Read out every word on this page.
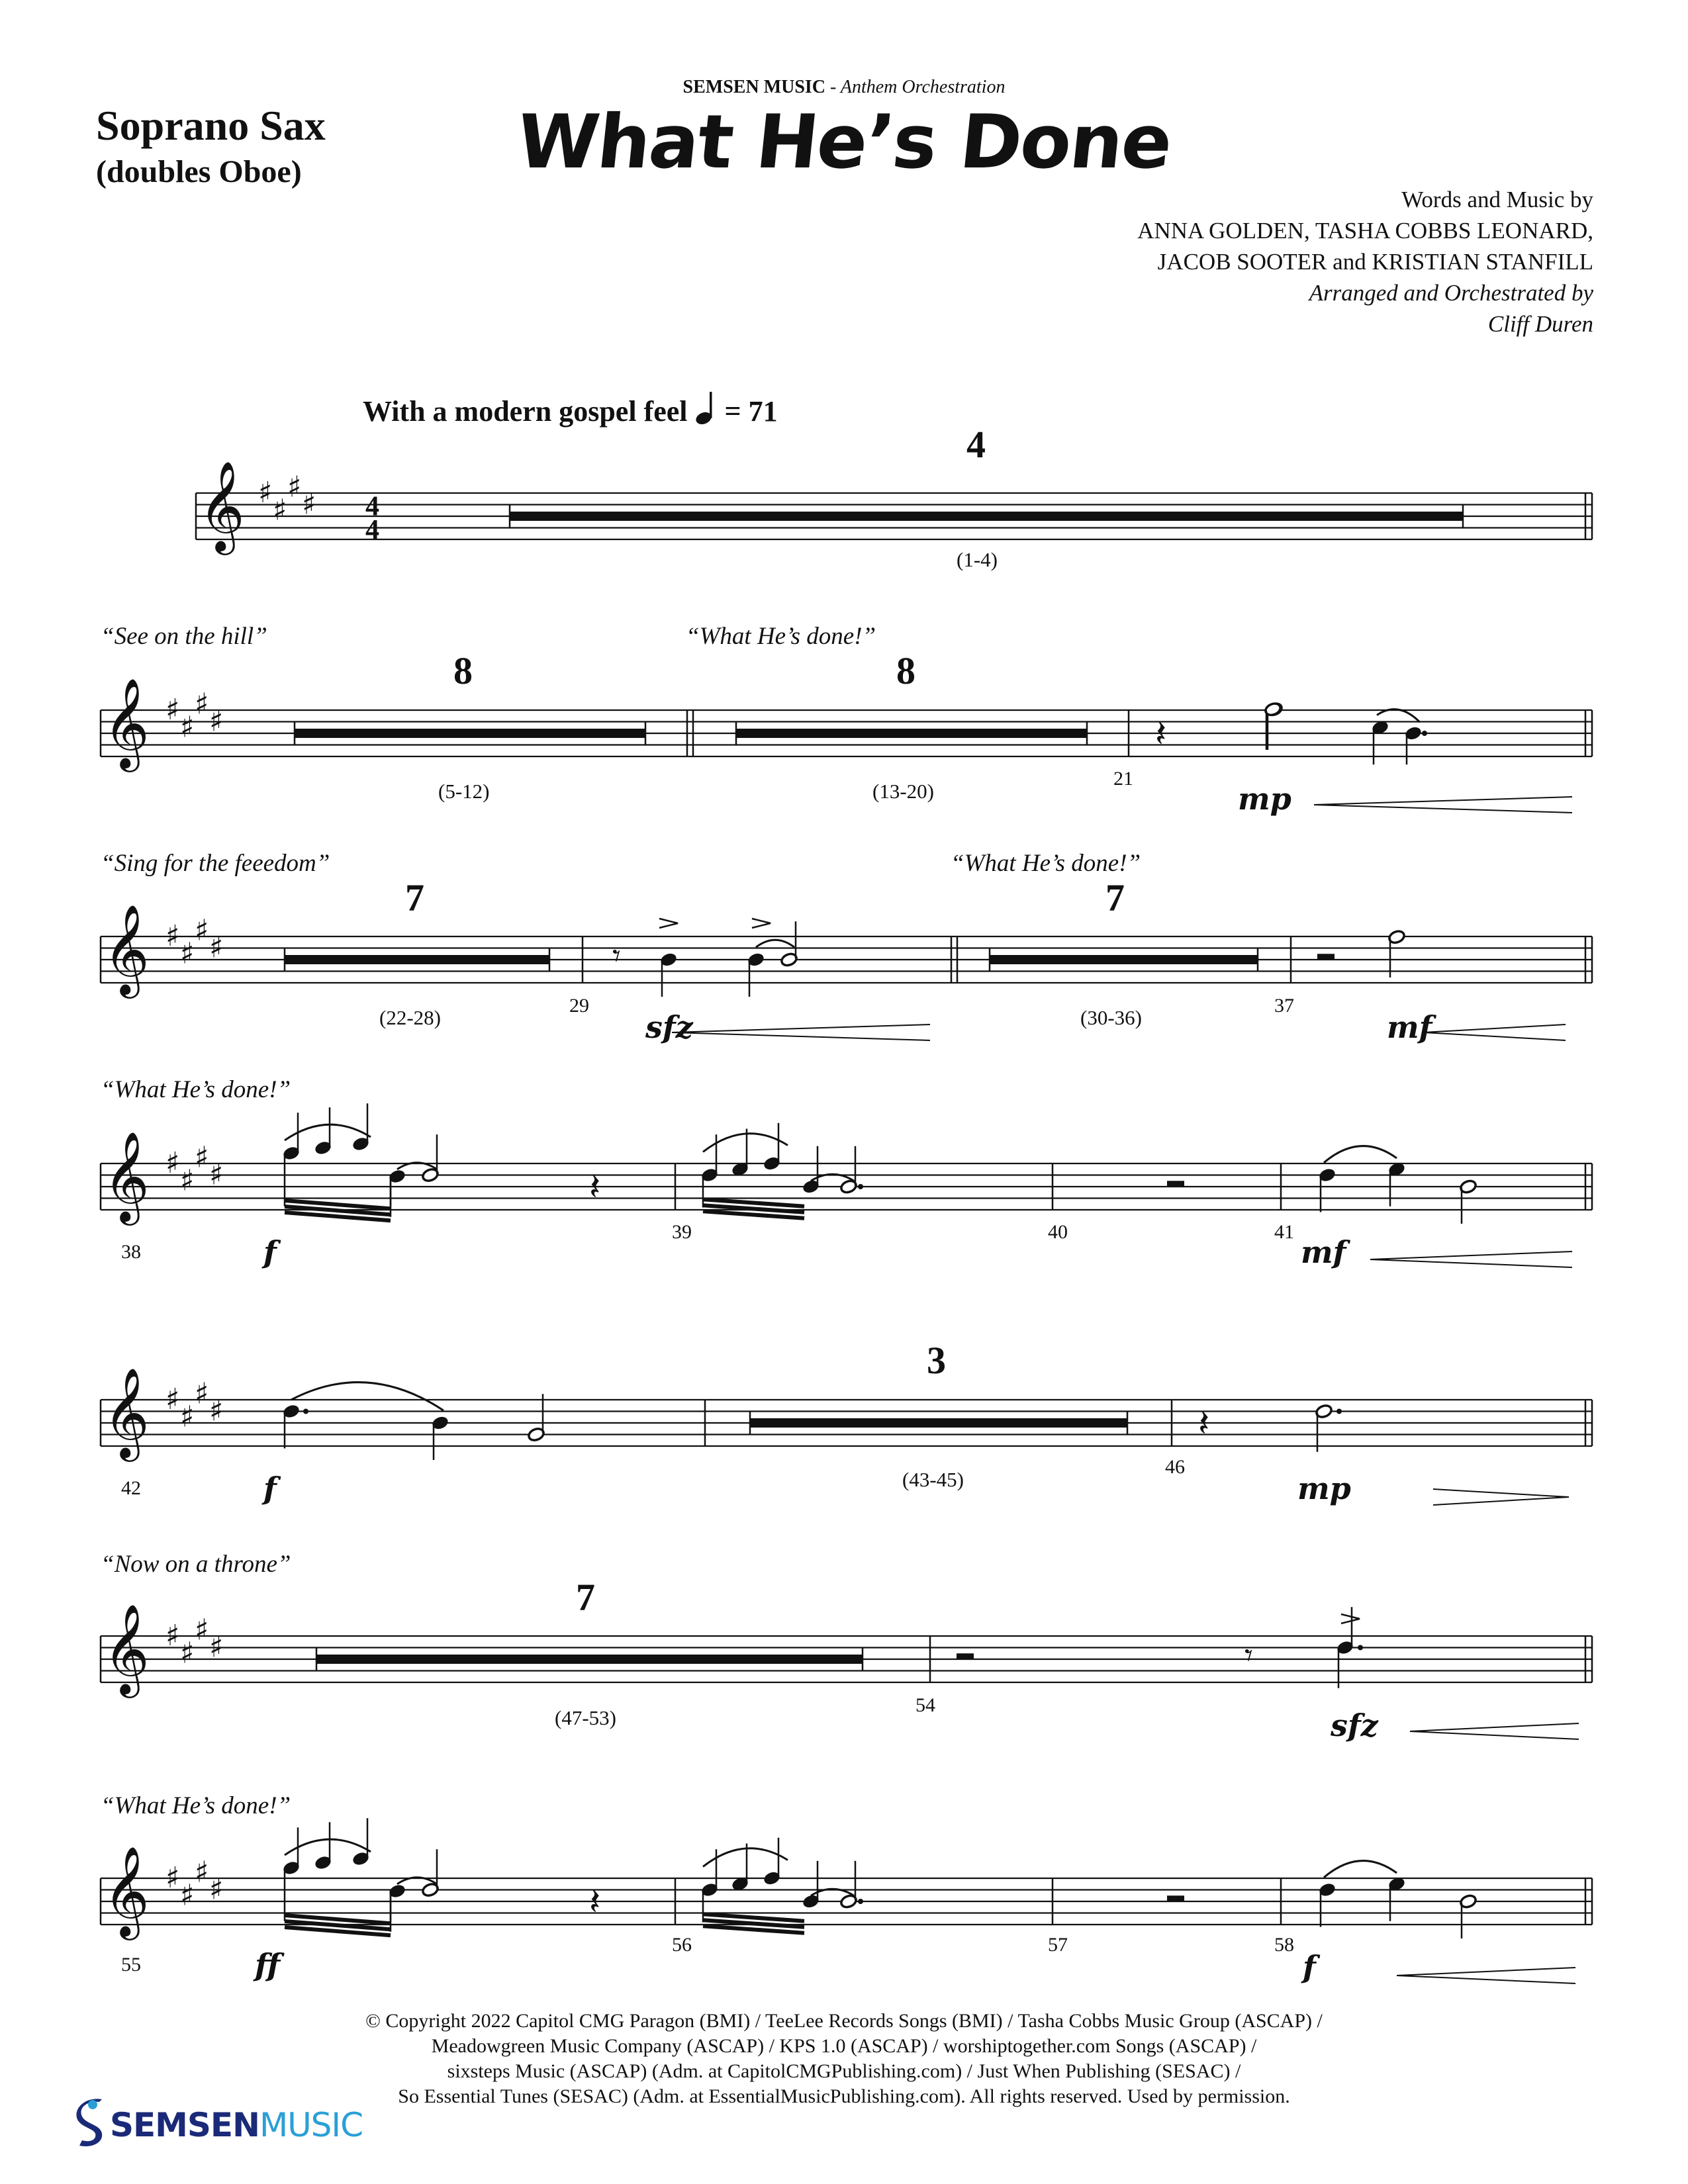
Soprano Sax
(doubles Oboe)
SEMSEN MUSIC - Anthem Orchestration
What He’s Done
Words and Music by
ANNA GOLDEN, TASHA COBBS LEONARD,
JACOB SOOTER and KRISTIAN STANFILL
Arranged and Orchestrated by
Cliff Duren
With a modern gospel feel = 71
𝄞 ♯
♯
♯
♯ 4
4
𝄞 ♯
♯
♯
♯	𝄽
𝄞 ♯
♯
♯
♯	𝄾
𝄞 ♯
♯
♯
♯	𝄽
𝄞 ♯
♯
♯
♯	𝄽
𝄞 ♯
♯
♯
♯	𝄾
𝄞 ♯
♯
♯
♯	𝄽
4
(1-4)
“See on the hill”
8
(5-12)
“What He’s done!”
8
(13-20)
21
mp
“Sing for the feeedom”
7
(22-28)
29
sfz
“What He’s done!”
7
(30-36)
37
mf
“What He’s done!”
38
39	40	41
f	mf
42	f
3
(43-45)
46
mp
“Now on a throne”
7
(47-53)
54
sfz
“What He’s done!”
55
56	57	58
ff	f
© Copyright 2022 Capitol CMG Paragon (BMI) / TeeLee Records Songs (BMI) / Tasha Cobbs Music Group (ASCAP) /
Meadowgreen Music Company (ASCAP) / KPS 1.0 (ASCAP) / worshiptogether.com Songs (ASCAP) /
sixsteps Music (ASCAP) (Adm. at CapitolCMGPublishing.com) / Just When Publishing (SESAC) /
So Essential Tunes (SESAC) (Adm. at EssentialMusicPublishing.com). All rights reserved. Used by permission.
SEMSENMUSIC
